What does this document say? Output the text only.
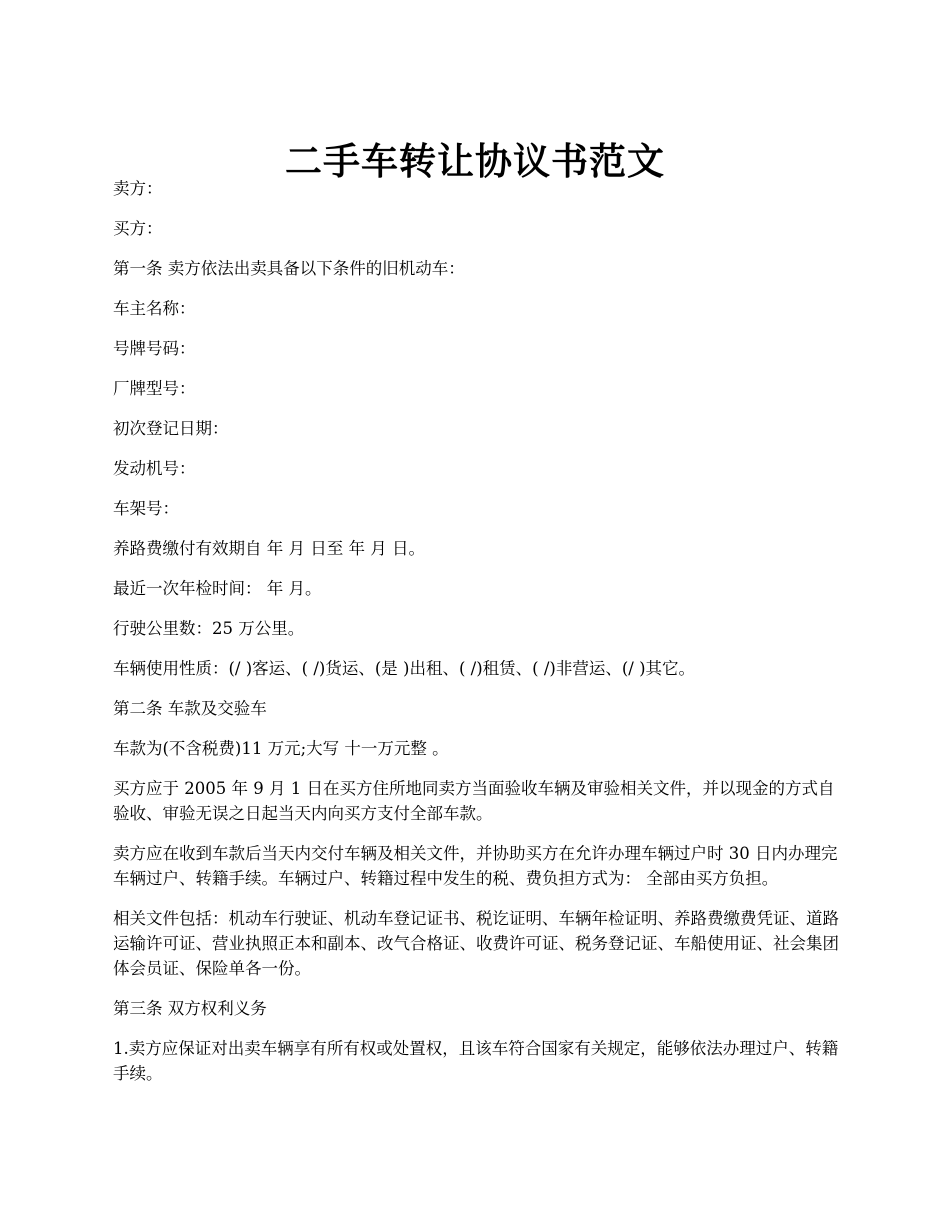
二手车转让协议书范文

卖方：

买方：

第一条 卖方依法出卖具备以下条件的旧机动车：

车主名称：

号牌号码：

厂牌型号：

初次登记日期：

发动机号：

车架号：

养路费缴付有效期自 年 月 日至 年 月 日。

最近一次年检时间： 年 月。

行驶公里数：25 万公里。

车辆使用性质：(/ )客运、( /)货运、(是 )出租、( /)租赁、( /)非营运、(/ )其它。

第二条 车款及交验车

车款为(不含税费)11 万元;大写 十一万元整 。

买方应于 2005 年 9 月 1 日在买方住所地同卖方当面验收车辆及审验相关文件，并以现金的方式自验收、审验无误之日起当天内向买方支付全部车款。

卖方应在收到车款后当天内交付车辆及相关文件，并协助买方在允许办理车辆过户时 30 日内办理完车辆过户、转籍手续。车辆过户、转籍过程中发生的税、费负担方式为： 全部由买方负担。

相关文件包括：机动车行驶证、机动车登记证书、税讫证明、车辆年检证明、养路费缴费凭证、道路运输许可证、营业执照正本和副本、改气合格证、收费许可证、税务登记证、车船使用证、社会集团体会员证、保险单各一份。

第三条 双方权利义务

1.卖方应保证对出卖车辆享有所有权或处置权，且该车符合国家有关规定，能够依法办理过户、转籍手续。
